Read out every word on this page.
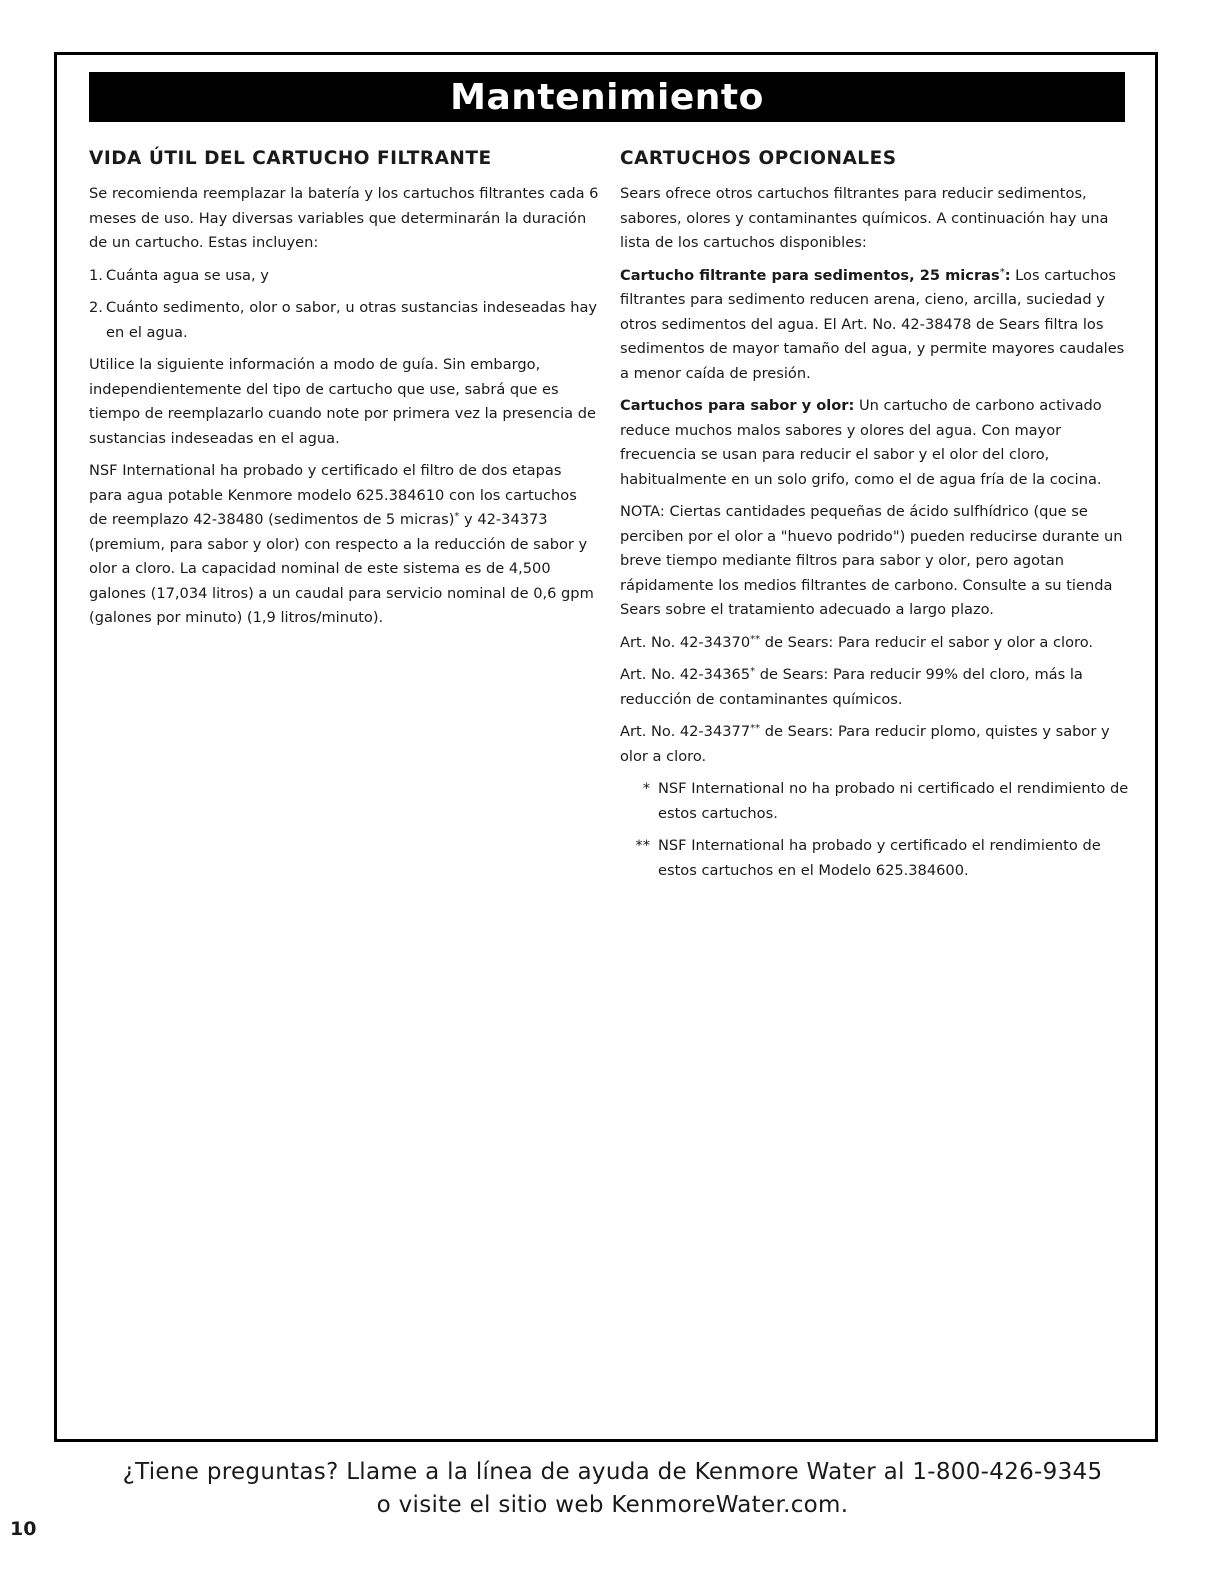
Mantenimiento
VIDA ÚTIL DEL CARTUCHO FILTRANTE

Se recomienda reemplazar la batería y los cartuchos filtrantes cada 6 meses de uso. Hay diversas variables que determinarán la duración de un cartucho. Estas incluyen:

1. Cuánta agua se usa, y
2. Cuánto sedimento, olor o sabor, u otras sustancias indeseadas hay en el agua.

Utilice la siguiente información a modo de guía. Sin embargo, independientemente del tipo de cartucho que use, sabrá que es tiempo de reemplazarlo cuando note por primera vez la presencia de sustancias indeseadas en el agua.

NSF International ha probado y certificado el filtro de dos etapas para agua potable Kenmore modelo 625.384610 con los cartuchos de reemplazo 42-38480 (sedimentos de 5 micras)* y 42-34373 (premium, para sabor y olor) con respecto a la reducción de sabor y olor a cloro. La capacidad nominal de este sistema es de 4,500 galones (17,034 litros) a un caudal para servicio nominal de 0,6 gpm (galones por minuto) (1,9 litros/minuto).

CARTUCHOS OPCIONALES

Sears ofrece otros cartuchos filtrantes para reducir sedimentos, sabores, olores y contaminantes químicos. A continuación hay una lista de los cartuchos disponibles:

Cartucho filtrante para sedimentos, 25 micras*: Los cartuchos filtrantes para sedimento reducen arena, cieno, arcilla, suciedad y otros sedimentos del agua. El Art. No. 42-38478 de Sears filtra los sedimentos de mayor tamaño del agua, y permite mayores caudales a menor caída de presión.

Cartuchos para sabor y olor: Un cartucho de carbono activado reduce muchos malos sabores y olores del agua. Con mayor frecuencia se usan para reducir el sabor y el olor del cloro, habitualmente en un solo grifo, como el de agua fría de la cocina.

NOTA: Ciertas cantidades pequeñas de ácido sulfhídrico (que se perciben por el olor a "huevo podrido") pueden reducirse durante un breve tiempo mediante filtros para sabor y olor, pero agotan rápidamente los medios filtrantes de carbono. Consulte a su tienda Sears sobre el tratamiento adecuado a largo plazo.

Art. No. 42-34370** de Sears: Para reducir el sabor y olor a cloro.

Art. No. 42-34365* de Sears: Para reducir 99% del cloro, más la reducción de contaminantes químicos.

Art. No. 42-34377** de Sears: Para reducir plomo, quistes y sabor y olor a cloro.

* NSF International no ha probado ni certificado el rendimiento de estos cartuchos.
** NSF International ha probado y certificado el rendimiento de estos cartuchos en el Modelo 625.384600.
¿Tiene preguntas? Llame a la línea de ayuda de Kenmore Water al 1-800-426-9345
o visite el sitio web KenmoreWater.com.
10
